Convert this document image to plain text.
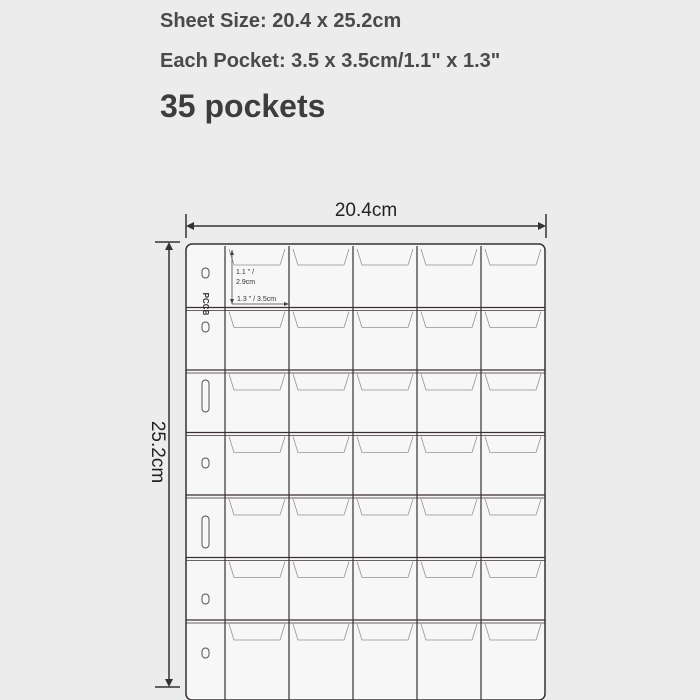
Sheet Size: 20.4 x 25.2cm
Each Pocket: 3.5 x 3.5cm/1.1" x 1.3"
35 pockets
20.4cm
25.2cm
PCCB
1.1 " /
2.9cm
1.3 " / 3.5cm
